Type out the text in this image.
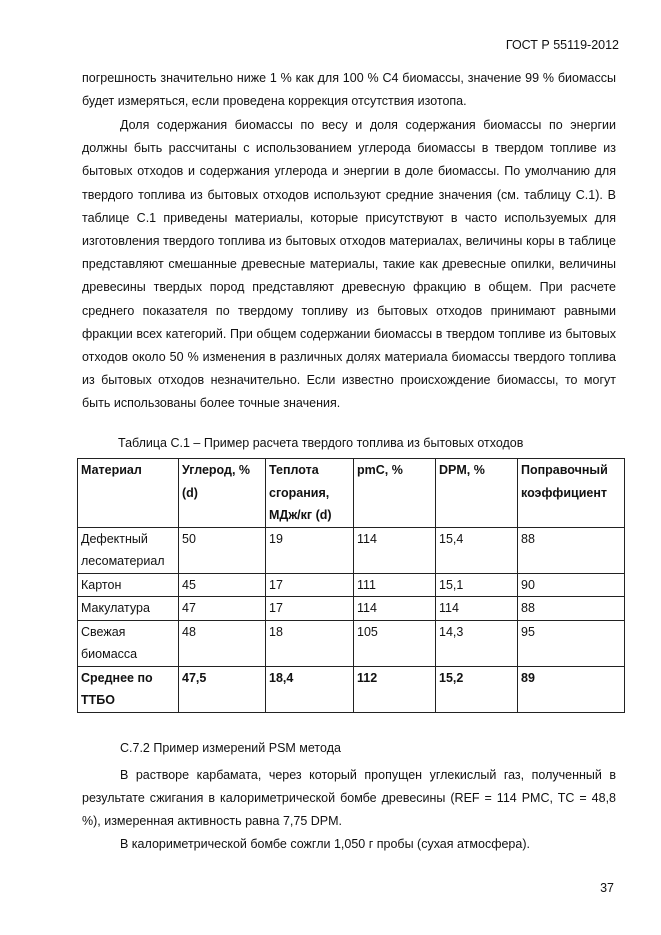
ГОСТ Р 55119-2012
погрешность значительно ниже 1 % как для 100 % C4 биомассы, значение 99 % биомассы будет измеряться, если проведена коррекция отсутствия изотопа.
Доля содержания биомассы по весу и доля содержания биомассы по энергии должны быть рассчитаны с использованием углерода биомассы в твердом топливе из бытовых отходов и содержания углерода и энергии в доле биомассы. По умолчанию для твердого топлива из бытовых отходов используют средние значения (см. таблицу С.1). В таблице С.1 приведены материалы, которые присутствуют в часто используемых для изготовления твердого топлива из бытовых отходов материалах, величины коры в таблице представляют смешанные древесные материалы, такие как древесные опилки, величины древесины твердых пород представляют древесную фракцию в общем. При расчете среднего показателя по твердому топливу из бытовых отходов принимают равными фракции всех категорий. При общем содержании биомассы в твердом топливе из бытовых отходов около 50 % изменения в различных долях материала биомассы твердого топлива из бытовых отходов незначительно. Если известно происхождение биомассы, то могут быть использованы более точные значения.
Таблица С.1 – Пример расчета твердого топлива из бытовых отходов
Материал	Углерод, % (d)	Теплота сгорания, МДж/кг (d)	pmC, %	DPM, %	Поправочный коэффициент
Дефектный лесоматериал	50	19	114	15,4	88
Картон	45	17	111	15,1	90
Макулатура	47	17	114	114	88
Свежая биомасса	48	18	105	14,3	95
Среднее по ТТБО	47,5	18,4	112	15,2	89
С.7.2 Пример измерений PSM метода
В растворе карбамата, через который пропущен углекислый газ, полученный в результате сжигания в калориметрической бомбе древесины (REF = 114 PMC, TC = 48,8 %), измеренная активность равна 7,75 DPM.
В калориметрической бомбе сожгли 1,050 г пробы (сухая атмосфера).
37
